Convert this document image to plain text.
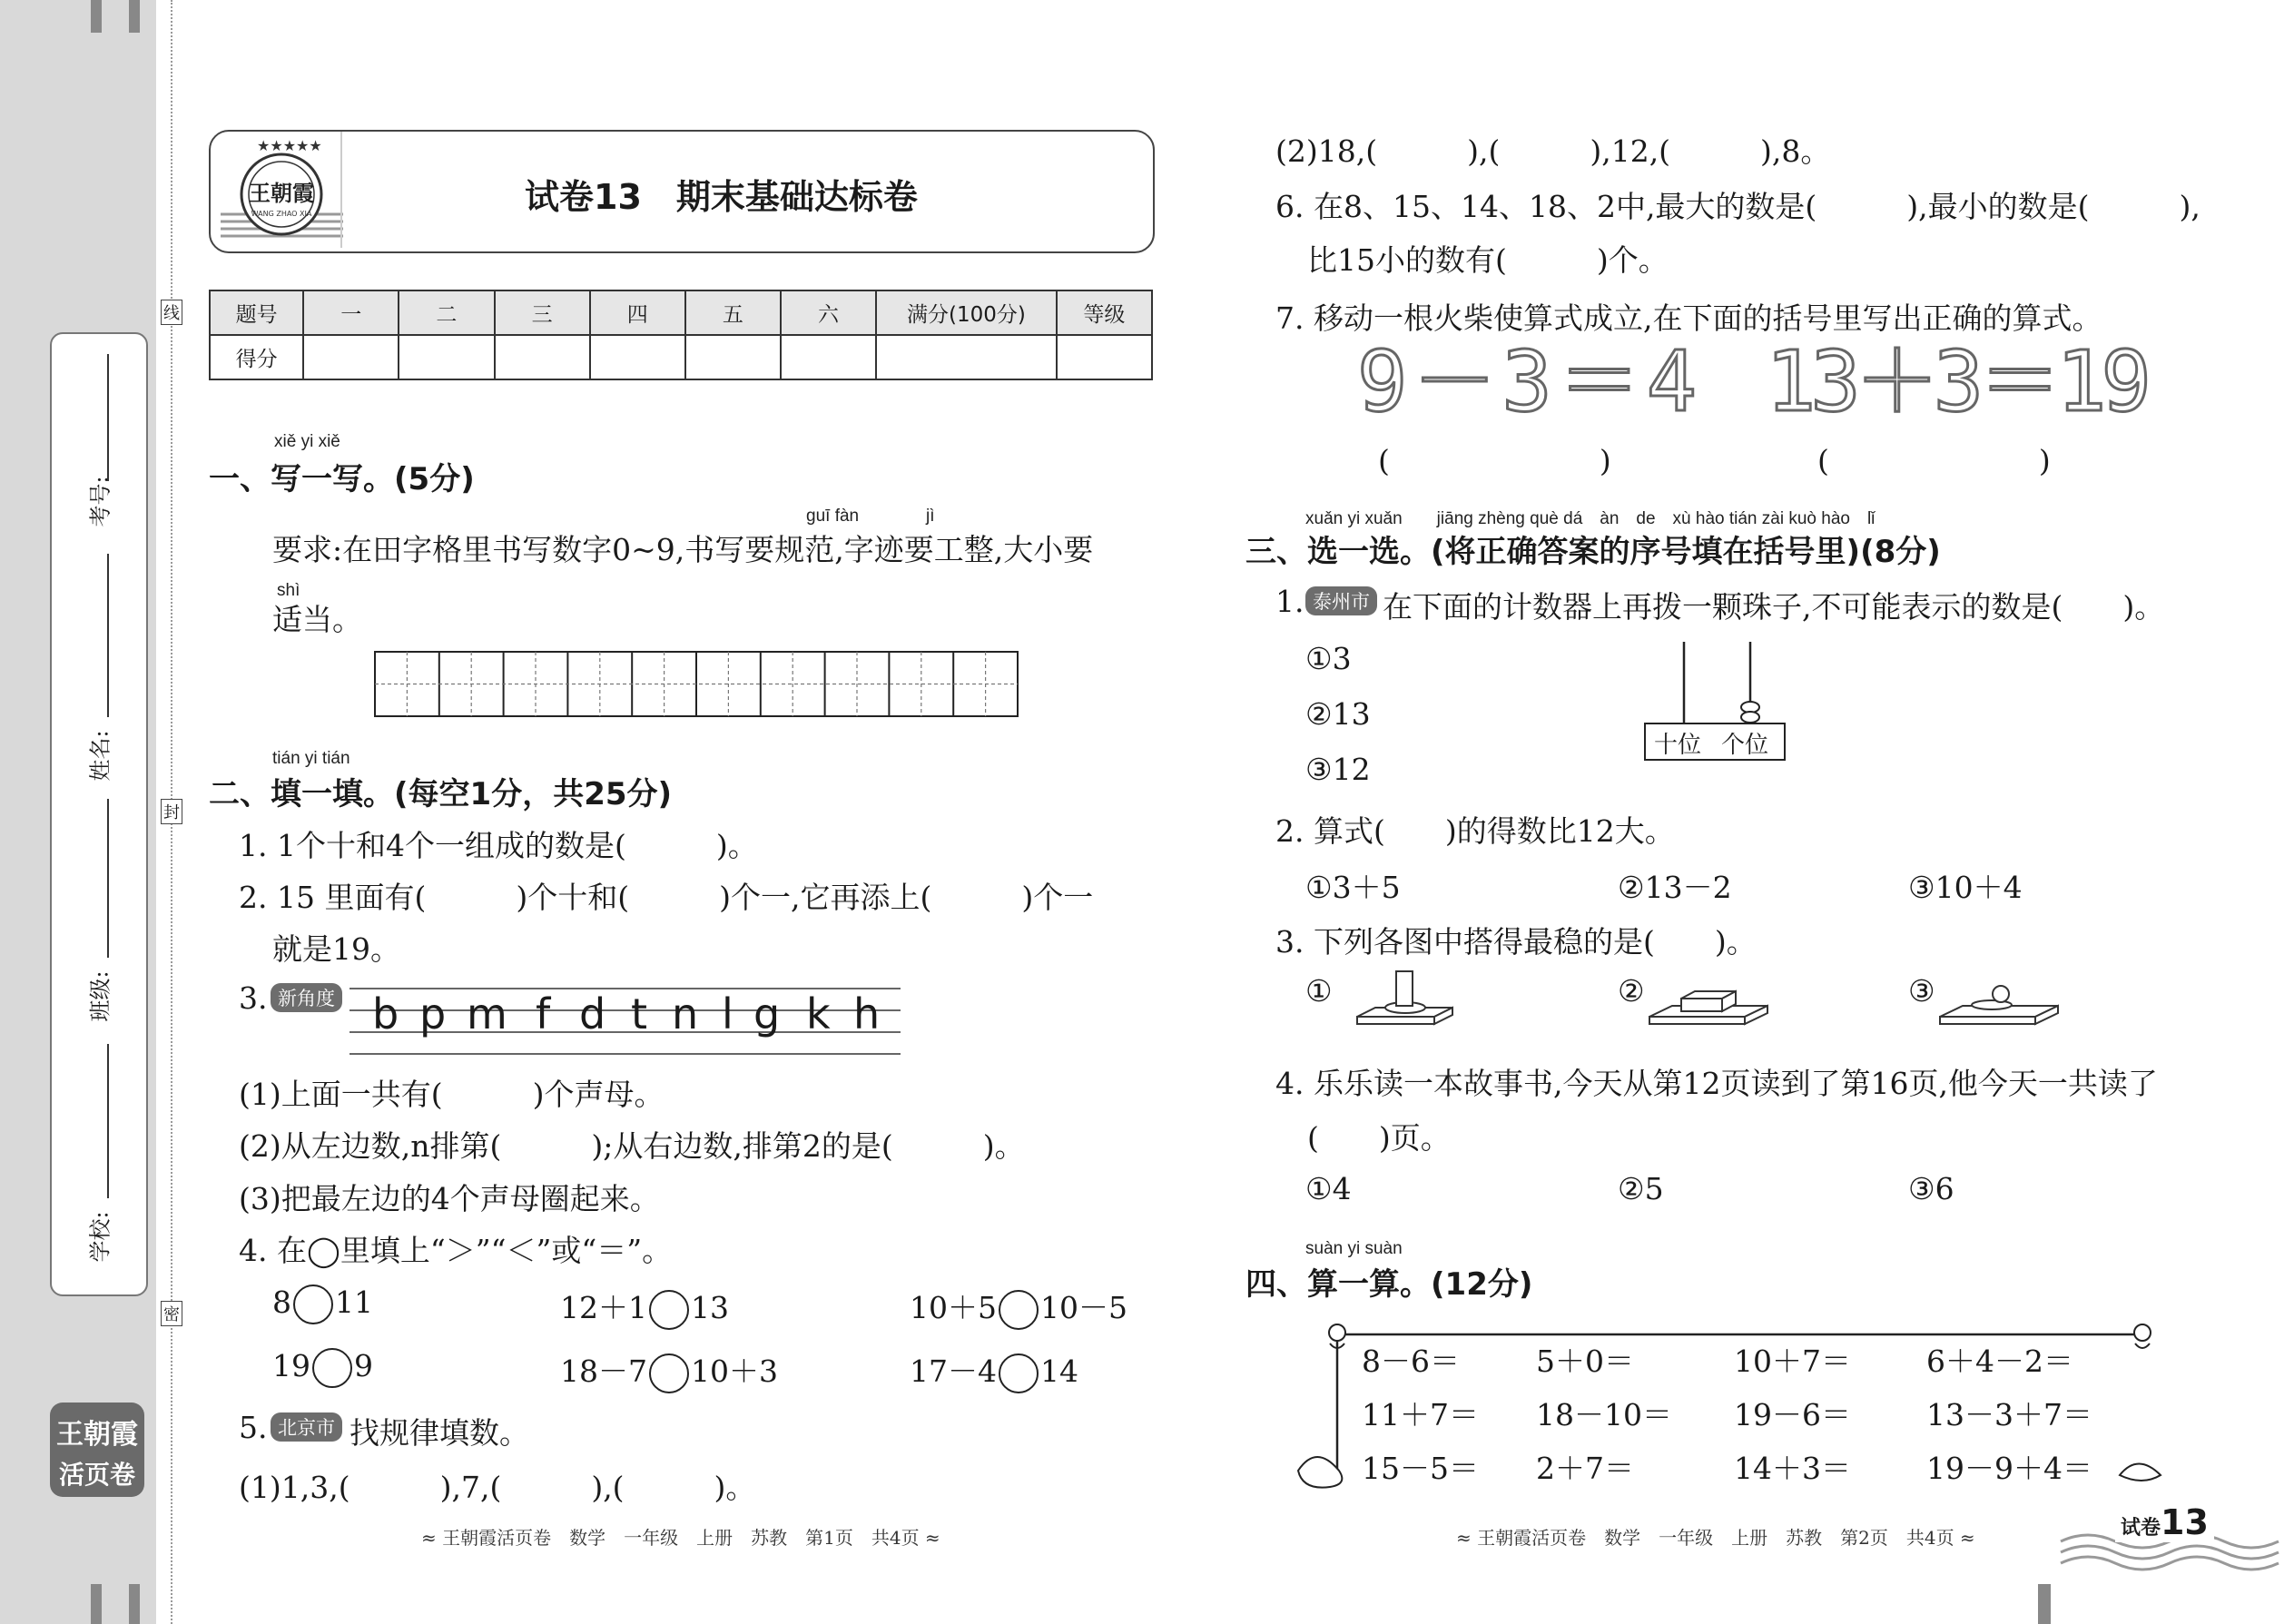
考号:
姓名:
班级:
学校:
线
封
密
王朝霞
活页卷
★★★★★
王朝霞
WANG ZHAO XIA	试卷13　期末基础达标卷
题号	一	二	三	四	五	六	满分(100分)	等级
得分								
xiě yi xiě
一、写一写。(5分)
guī fàn	jì
要求:在田字格里书写数字0~9,书写要规范,字迹要工整,大小要
shì
适当。
tián yi tián
二、填一填。(每空1分，共25分)
1. 1个十和4个一组成的数是(　　　)。
2. 15 里面有(　　　)个十和(　　　)个一,它再添上(　　　)个一
就是19。
3. 新角度 b p m f d t n l g k h
(1)上面一共有(　　　)个声母。
(2)从左边数,n排第(　　　);从右边数,排第2的是(　　　)。
(3)把最左边的4个声母圈起来。
4. 在◯里填上“＞”“＜”或“＝”。
8 11	12＋1 13	10＋5 10－5
19 9	18－7 10＋3	17－4 14
5. 北京市 找规律填数。
(1)1,3,(　　　),7,(　　　),(　　　)。
≈ 王朝霞活页卷　数学　一年级　上册　苏教　第1页　共4页 ≈
(2)18,(　　　),(　　　),12,(　　　),8。
6. 在8、15、14、18、2中,最大的数是(　　　),最小的数是(　　　),
比15小的数有(　　　)个。
7. 移动一根火柴使算式成立,在下面的括号里写出正确的算式。
9－3＝4 13＋3＝19
(　　　　　　　)	(　　　　　　　)
xuǎn yi xuǎn　　jiāng zhèng què dá　àn　de　xù hào tián zài kuò hào　lǐ
三、选一选。(将正确答案的序号填在括号里)(8分)
1. 泰州市 在下面的计数器上再拨一颗珠子,不可能表示的数是(　　)。
①3
②13
③12
十位 个位
2. 算式(　　)的得数比12大。
①3＋5	②13－2	③10＋4
3. 下列各图中搭得最稳的是(　　)。
①	②	③
4. 乐乐读一本故事书,今天从第12页读到了第16页,他今天一共读了
(　　)页。
①4	②5	③6
suàn yi suàn
四、算一算。(12分)
8－6＝	5＋0＝	10＋7＝	6＋4－2＝
11＋7＝ 18－10＝ 19－6＝	13－3＋7＝
15－5＝ 2＋7＝	14＋3＝	19－9＋4＝
≈ 王朝霞活页卷　数学　一年级　上册　苏教　第2页　共4页 ≈	试卷13
